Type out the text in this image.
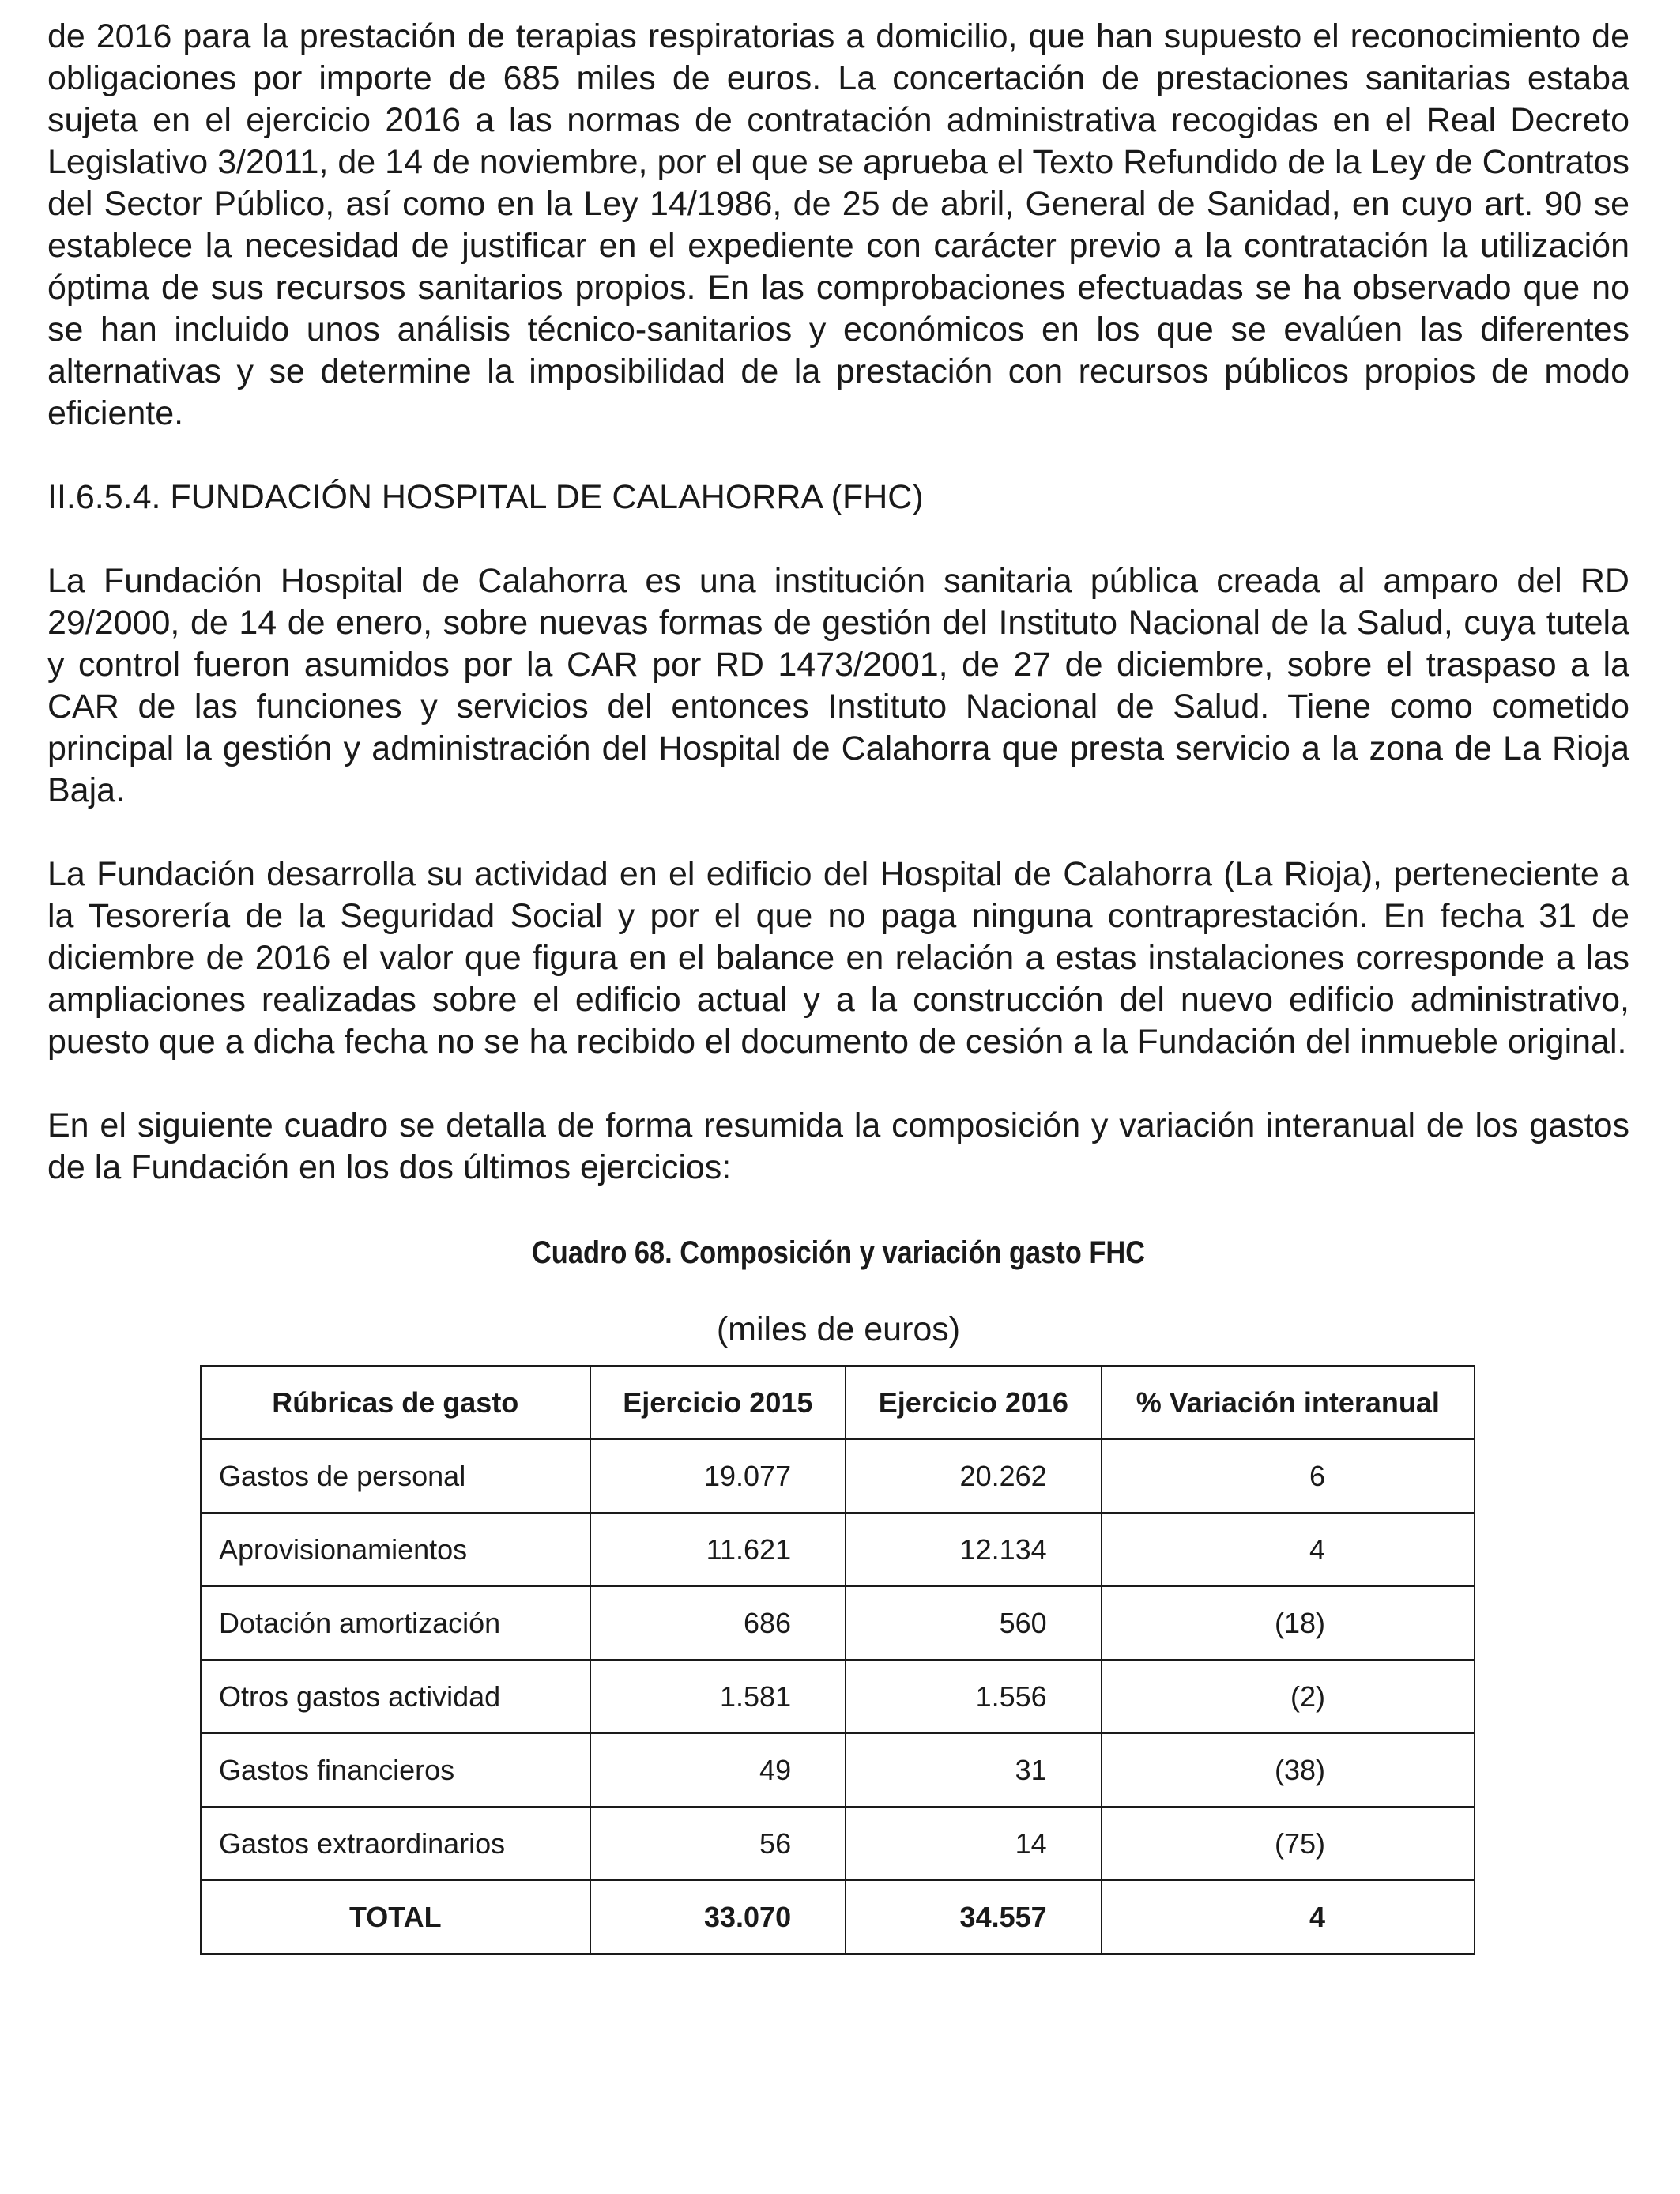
de 2016 para la prestación de terapias respiratorias a domicilio, que han supuesto el reconocimiento de obligaciones por importe de 685 miles de euros. La concertación de prestaciones sanitarias estaba sujeta en el ejercicio 2016 a las normas de contratación administrativa recogidas en el Real Decreto Legislativo 3/2011, de 14 de noviembre, por el que se aprueba el Texto Refundido de la Ley de Contratos del Sector Público, así como en la Ley 14/1986, de 25 de abril, General de Sanidad, en cuyo art. 90 se establece la necesidad de justificar en el expediente con carácter previo a la contratación la utilización óptima de sus recursos sanitarios propios. En las comprobaciones efectuadas se ha observado que no se han incluido unos análisis técnico-sanitarios y económicos en los que se evalúen las diferentes alternativas y se determine la imposibilidad de la prestación con recursos públicos propios de modo eficiente.

II.6.5.4. FUNDACIÓN HOSPITAL DE CALAHORRA (FHC)

La Fundación Hospital de Calahorra es una institución sanitaria pública creada al amparo del RD 29/2000, de 14 de enero, sobre nuevas formas de gestión del Instituto Nacional de la Salud, cuya tutela y control fueron asumidos por la CAR por RD 1473/2001, de 27 de diciembre, sobre el traspaso a la CAR de las funciones y servicios del entonces Instituto Nacional de Salud. Tiene como cometido principal la gestión y administración del Hospital de Calahorra que presta servicio a la zona de La Rioja Baja.

La Fundación desarrolla su actividad en el edificio del Hospital de Calahorra (La Rioja), perteneciente a la Tesorería de la Seguridad Social y por el que no paga ninguna contraprestación. En fecha 31 de diciembre de 2016 el valor que figura en el balance en relación a estas instalaciones corresponde a las ampliaciones realizadas sobre el edificio actual y a la construcción del nuevo edificio administrativo, puesto que a dicha fecha no se ha recibido el documento de cesión a la Fundación del inmueble original.

En el siguiente cuadro se detalla de forma resumida la composición y variación interanual de los gastos de la Fundación en los dos últimos ejercicios:

Cuadro 68. Composición y variación gasto FHC
(miles de euros)
Rúbricas de gasto	Ejercicio 2015	Ejercicio 2016	% Variación interanual
Gastos de personal	19.077	20.262	6
Aprovisionamientos	11.621	12.134	4
Dotación amortización	686	560	(18)
Otros gastos actividad	1.581	1.556	(2)
Gastos financieros	49	31	(38)
Gastos extraordinarios	56	14	(75)
TOTAL	33.070	34.557	4
